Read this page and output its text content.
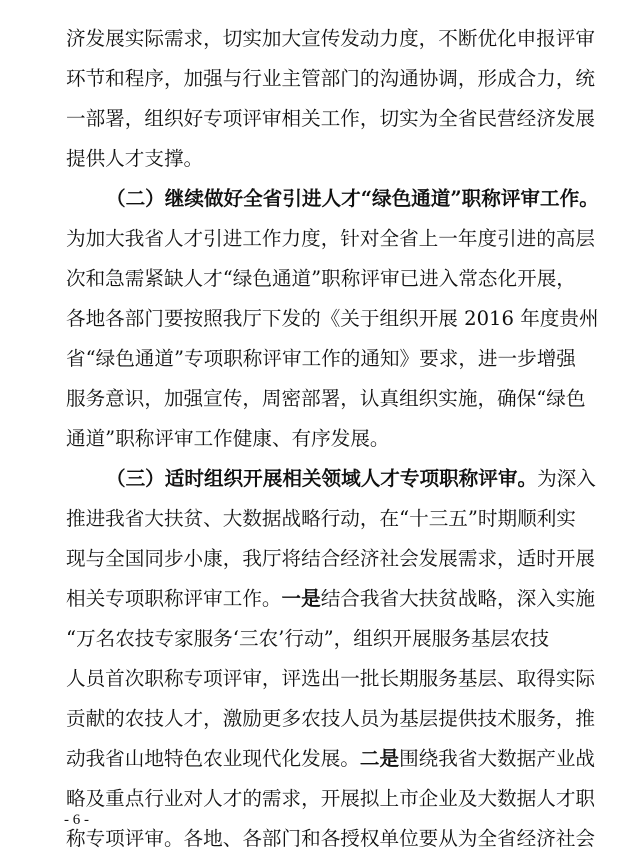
济发展实际需求，切实加大宣传发动力度，不断优化申报评审
环节和程序，加强与行业主管部门的沟通协调，形成合力，统
一部署，组织好专项评审相关工作，切实为全省民营经济发展
提供人才支撑。
（二）继续做好全省引进人才“绿色通道”职称评审工作。
为加大我省人才引进工作力度，针对全省上一年度引进的高层
次和急需紧缺人才“绿色通道”职称评审已进入常态化开展，
各地各部门要按照我厅下发的《关于组织开展 2016 年度贵州
省“绿色通道”专项职称评审工作的通知》要求，进一步增强
服务意识，加强宣传，周密部署，认真组织实施，确保“绿色
通道”职称评审工作健康、有序发展。
（三）适时组织开展相关领域人才专项职称评审。为深入
推进我省大扶贫、大数据战略行动，在“十三五”时期顺利实
现与全国同步小康，我厅将结合经济社会发展需求，适时开展
相关专项职称评审工作。一是结合我省大扶贫战略，深入实施
“万名农技专家服务‘三农’行动”，组织开展服务基层农技
人员首次职称专项评审，评选出一批长期服务基层、取得实际
贡献的农技人才，激励更多农技人员为基层提供技术服务，推
动我省山地特色农业现代化发展。二是围绕我省大数据产业战
略及重点行业对人才的需求，开展拟上市企业及大数据人才职
称专项评审。各地、各部门和各授权单位要从为全省经济社会
- 6 -
